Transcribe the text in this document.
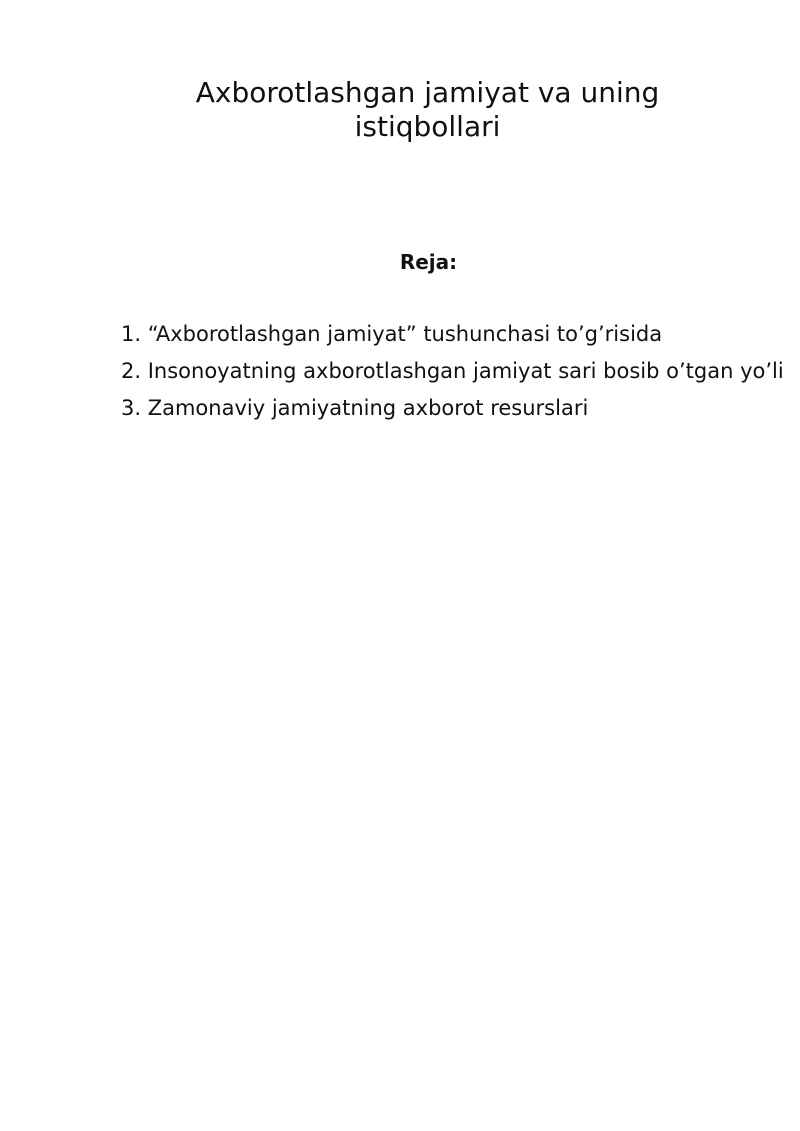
Axborotlashgan jamiyat va uning
istiqbollari
Reja:
1. “Axborotlashgan jamiyat” tushunchasi to’g’risida
2. Insonoyatning axborotlashgan jamiyat sari bosib o’tgan yo’li
3. Zamonaviy jamiyatning axborot resurslari
